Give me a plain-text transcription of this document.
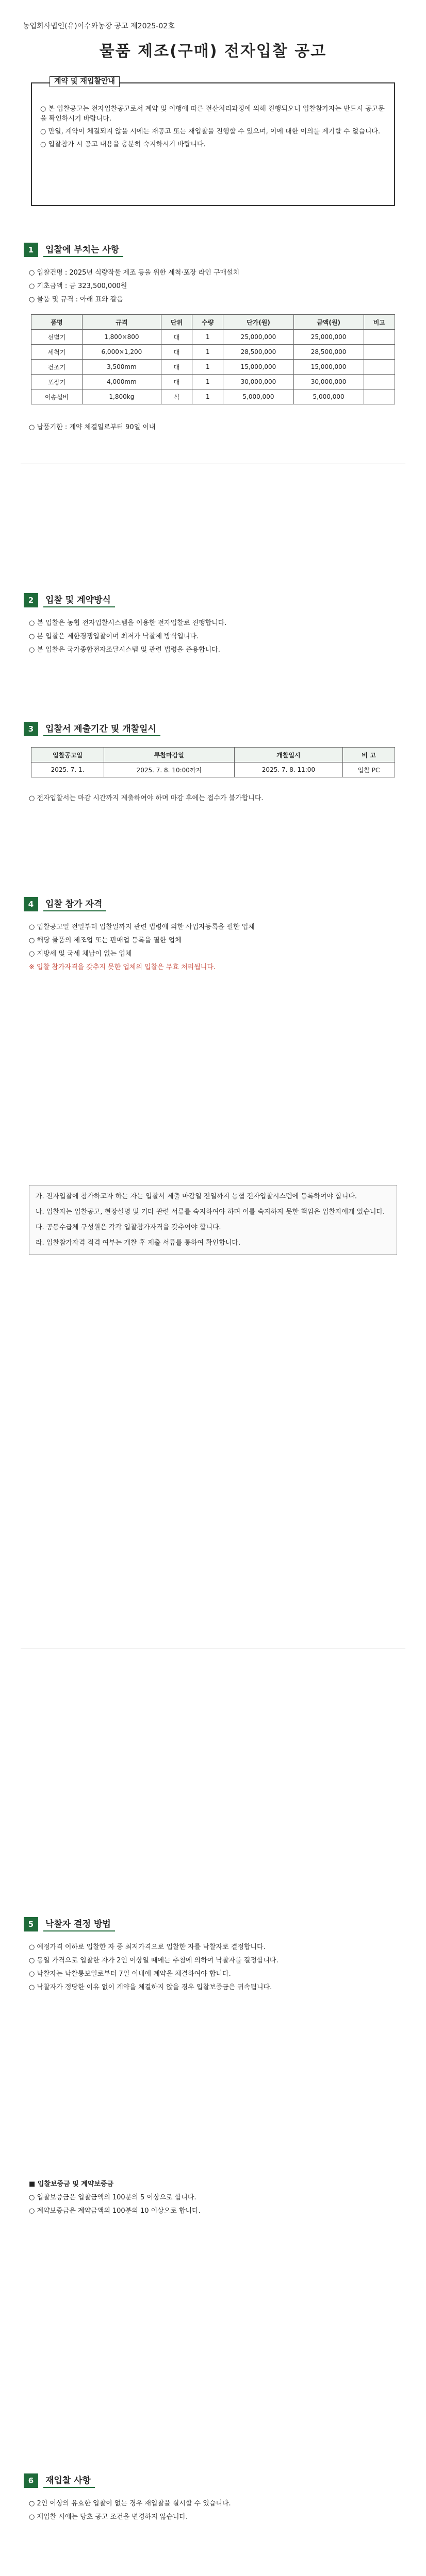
농업회사법인(유)이수와농장 공고 제2025-02호
물품 제조(구매) 전자입찰 공고
계약 및 재입찰안내

○ 본 입찰공고는 전자입찰공고로서 계약 및 이행에 따른 전산처리과정에 의해 진행되오니 입찰참가자는 반드시 공고문을 확인하시기 바랍니다.

○ 만일, 계약이 체결되지 않을 시에는 재공고 또는 재입찰을 진행할 수 있으며, 이에 대한 이의를 제기할 수 없습니다.

○ 입찰참가 시 공고 내용을 충분히 숙지하시기 바랍니다.

1	입찰에 부치는 사항

○ 입찰건명 : 2025년 식량작물 제조 등을 위한 세척·포장 라인 구매설치

○ 기초금액 : 금 323,500,000원

○ 물품 및 규격 : 아래 표와 같음

품명	규격	단위	수량	단가(원)	금액(원)	비고
선별기	1,800×800	대	1	25,000,000	25,000,000	
세척기	6,000×1,200	대	1	28,500,000	28,500,000	
건조기	3,500mm	대	1	15,000,000	15,000,000	
포장기	4,000mm	대	1	30,000,000	30,000,000	
이송설비	1,800kg	식	1	5,000,000	5,000,000	

○ 납품기한 : 계약 체결일로부터 90일 이내

2	입찰 및 계약방식

○ 본 입찰은 농협 전자입찰시스템을 이용한 전자입찰로 진행합니다.

○ 본 입찰은 제한경쟁입찰이며 최저가 낙찰제 방식입니다.

○ 본 입찰은 국가종합전자조달시스템 및 관련 법령을 준용합니다.

3	입찰서 제출기간 및 개찰일시
입찰공고일	투찰마감일	개찰일시	비 고
2025. 7. 1.	2025. 7. 8. 10:00까지	2025. 7. 8. 11:00	입찰 PC

○ 전자입찰서는 마감 시간까지 제출하여야 하며 마감 후에는 접수가 불가합니다.

4	입찰 참가 자격

○ 입찰공고일 전일부터 입찰일까지 관련 법령에 의한 사업자등록을 필한 업체

○ 해당 물품의 제조업 또는 판매업 등록을 필한 업체

○ 지방세 및 국세 체납이 없는 업체

※ 입찰 참가자격을 갖추지 못한 업체의 입찰은 무효 처리됩니다.

가. 전자입찰에 참가하고자 하는 자는 입찰서 제출 마감일 전일까지 농협 전자입찰시스템에 등록하여야 합니다.

나. 입찰자는 입찰공고, 현장설명 및 기타 관련 서류를 숙지하여야 하며 이를 숙지하지 못한 책임은 입찰자에게 있습니다.

다. 공동수급체 구성원은 각각 입찰참가자격을 갖추어야 합니다.

라. 입찰참가자격 적격 여부는 개찰 후 제출 서류를 통하여 확인합니다.

5	낙찰자 결정 방법

○ 예정가격 이하로 입찰한 자 중 최저가격으로 입찰한 자를 낙찰자로 결정합니다.

○ 동일 가격으로 입찰한 자가 2인 이상일 때에는 추첨에 의하여 낙찰자를 결정합니다.

○ 낙찰자는 낙찰통보일로부터 7일 이내에 계약을 체결하여야 합니다.

○ 낙찰자가 정당한 이유 없이 계약을 체결하지 않을 경우 입찰보증금은 귀속됩니다.

■ 입찰보증금 및 계약보증금

○ 입찰보증금은 입찰금액의 100분의 5 이상으로 합니다.

○ 계약보증금은 계약금액의 100분의 10 이상으로 합니다.

6	재입찰 사항

○ 2인 이상의 유효한 입찰이 없는 경우 재입찰을 실시할 수 있습니다.

○ 재입찰 시에는 당초 공고 조건을 변경하지 않습니다.
